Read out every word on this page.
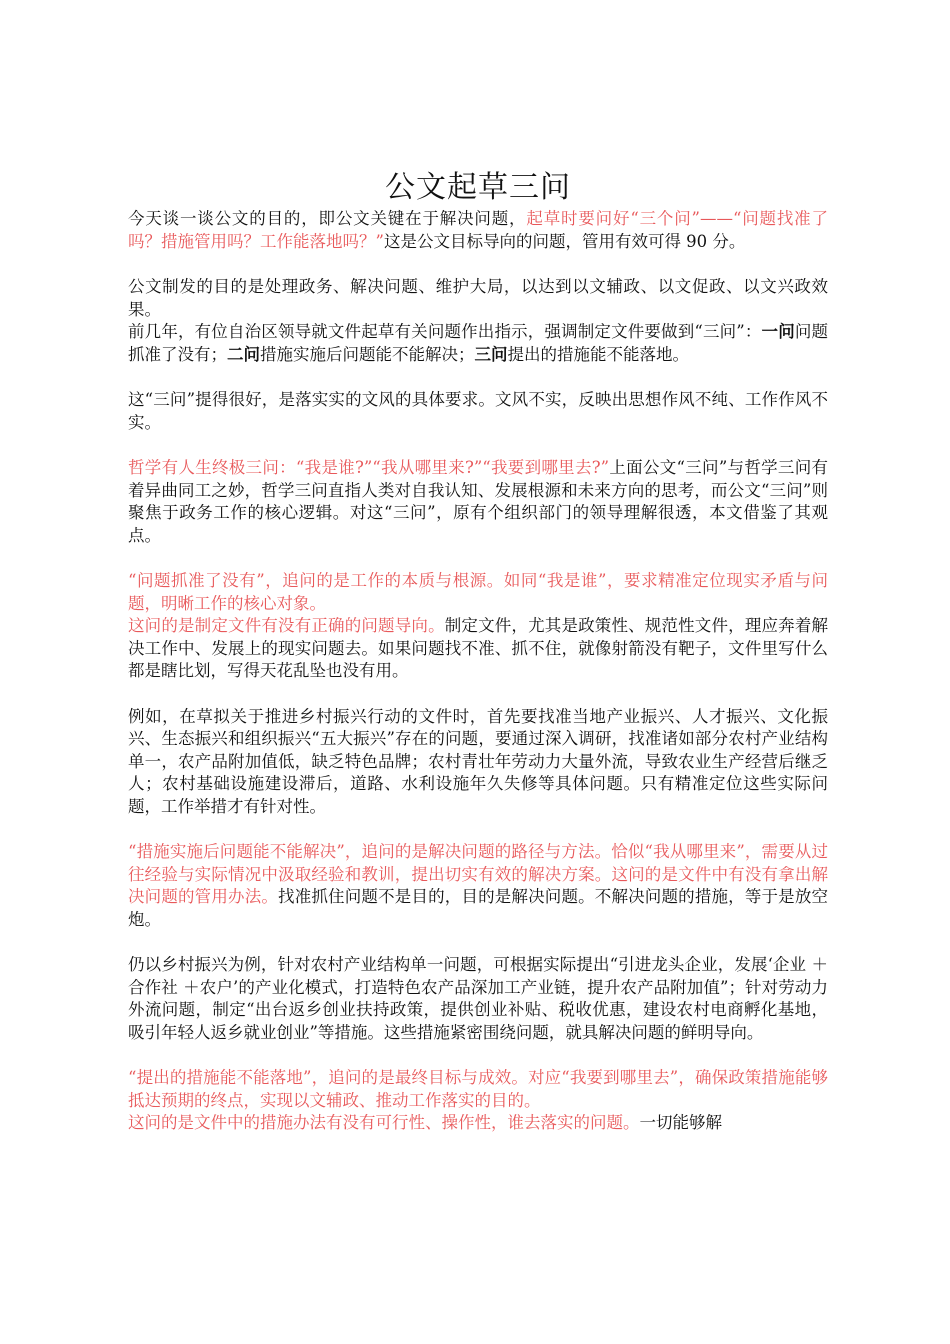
公文起草三问

今天谈一谈公文的目的，即公文关键在于解决问题，起草时要问好“三个问”——“问题找准了吗？措施管用吗？工作能落地吗？”这是公文目标导向的问题，管用有效可得 90 分。

公文制发的目的是处理政务、解决问题、维护大局，以达到以文辅政、以文促政、以文兴政效果。

前几年，有位自治区领导就文件起草有关问题作出指示，强调制定文件要做到“三问”：一问问题抓准了没有；二问措施实施后问题能不能解决；三问提出的措施能不能落地。

这“三问”提得很好，是落实实的文风的具体要求。文风不实，反映出思想作风不纯、工作作风不实。

哲学有人生终极三问：“我是谁?”“我从哪里来?”“我要到哪里去?”上面公文“三问”与哲学三问有着异曲同工之妙，哲学三问直指人类对自我认知、发展根源和未来方向的思考，而公文“三问”则聚焦于政务工作的核心逻辑。对这“三问”，原有个组织部门的领导理解很透，本文借鉴了其观点。

“问题抓准了没有”，追问的是工作的本质与根源。如同“我是谁”，要求精准定位现实矛盾与问题，明晰工作的核心对象。

这问的是制定文件有没有正确的问题导向。制定文件，尤其是政策性、规范性文件，理应奔着解决工作中、发展上的现实问题去。如果问题找不准、抓不住，就像射箭没有靶子，文件里写什么都是瞎比划，写得天花乱坠也没有用。

例如，在草拟关于推进乡村振兴行动的文件时，首先要找准当地产业振兴、人才振兴、文化振兴、生态振兴和组织振兴“五大振兴”存在的问题，要通过深入调研，找准诸如部分农村产业结构单一，农产品附加值低，缺乏特色品牌；农村青壮年劳动力大量外流，导致农业生产经营后继乏人；农村基础设施建设滞后，道路、水利设施年久失修等具体问题。只有精准定位这些实际问题，工作举措才有针对性。

“措施实施后问题能不能解决”，追问的是解决问题的路径与方法。恰似“我从哪里来”，需要从过往经验与实际情况中汲取经验和教训，提出切实有效的解决方案。这问的是文件中有没有拿出解决问题的管用办法。找准抓住问题不是目的，目的是解决问题。不解决问题的措施，等于是放空炮。

仍以乡村振兴为例，针对农村产业结构单一问题，可根据实际提出“引进龙头企业，发展‘企业 ＋合作社 ＋农户’的产业化模式，打造特色农产品深加工产业链，提升农产品附加值”；针对劳动力外流问题，制定“出台返乡创业扶持政策，提供创业补贴、税收优惠，建设农村电商孵化基地，吸引年轻人返乡就业创业”等措施。这些措施紧密围绕问题，就具解决问题的鲜明导向。

“提出的措施能不能落地”，追问的是最终目标与成效。对应“我要到哪里去”，确保政策措施能够抵达预期的终点，实现以文辅政、推动工作落实的目的。

这问的是文件中的措施办法有没有可行性、操作性，谁去落实的问题。一切能够解
